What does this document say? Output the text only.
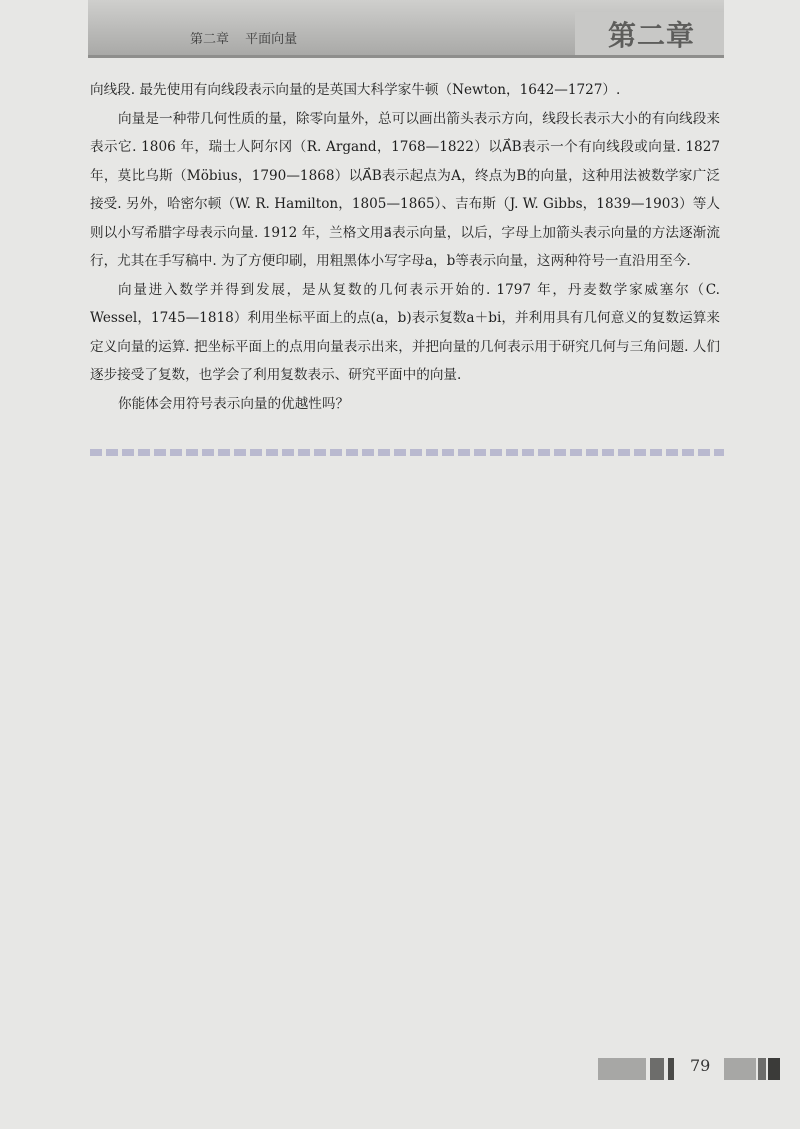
第二章 平面向量	第二章

向线段. 最先使用有向线段表示向量的是英国大科学家牛顿（Newton，1642—1727）.

向量是一种带几何性质的量，除零向量外，总可以画出箭头表示方向，线段长表示大小的有向线段来表示它. 1806 年，瑞士人阿尔冈（R. Argand，1768—1822）以A⃗B表示一个有向线段或向量. 1827 年，莫比乌斯（Möbius，1790—1868）以A⃗B表示起点为A，终点为B的向量，这种用法被数学家广泛接受. 另外，哈密尔顿（W. R. Hamilton，1805—1865）、吉布斯（J. W. Gibbs，1839—1903）等人则以小写希腊字母表示向量. 1912 年，兰格文用a⃗表示向量，以后，字母上加箭头表示向量的方法逐渐流行，尤其在手写稿中. 为了方便印刷，用粗黑体小写字母a，b等表示向量，这两种符号一直沿用至今.

向量进入数学并得到发展，是从复数的几何表示开始的. 1797 年，丹麦数学家威塞尔（C. Wessel，1745—1818）利用坐标平面上的点(a，b)表示复数a＋bi，并利用具有几何意义的复数运算来定义向量的运算. 把坐标平面上的点用向量表示出来，并把向量的几何表示用于研究几何与三角问题. 人们逐步接受了复数，也学会了利用复数表示、研究平面中的向量.

你能体会用符号表示向量的优越性吗？

79
